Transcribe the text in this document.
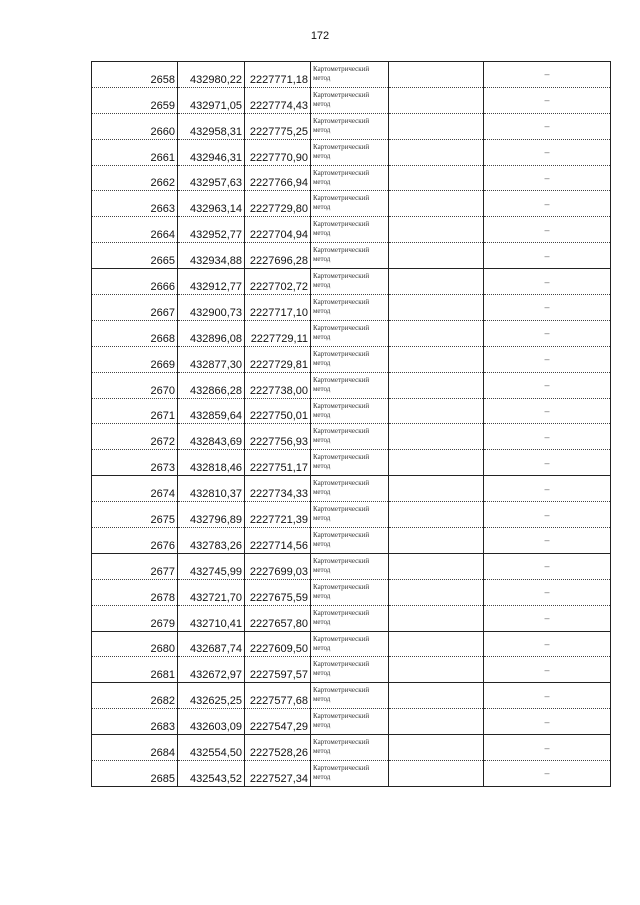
172
2658	432980,22	2227771,18	Картометрический метод		–
2659	432971,05	2227774,43	Картометрический метод		–
2660	432958,31	2227775,25	Картометрический метод		–
2661	432946,31	2227770,90	Картометрический метод		–
2662	432957,63	2227766,94	Картометрический метод		–
2663	432963,14	2227729,80	Картометрический метод		–
2664	432952,77	2227704,94	Картометрический метод		–
2665	432934,88	2227696,28	Картометрический метод		–
2666	432912,77	2227702,72	Картометрический метод		–
2667	432900,73	2227717,10	Картометрический метод		–
2668	432896,08	2227729,11	Картометрический метод		–
2669	432877,30	2227729,81	Картометрический метод		–
2670	432866,28	2227738,00	Картометрический метод		–
2671	432859,64	2227750,01	Картометрический метод		–
2672	432843,69	2227756,93	Картометрический метод		–
2673	432818,46	2227751,17	Картометрический метод		–
2674	432810,37	2227734,33	Картометрический метод		–
2675	432796,89	2227721,39	Картометрический метод		–
2676	432783,26	2227714,56	Картометрический метод		–
2677	432745,99	2227699,03	Картометрический метод		–
2678	432721,70	2227675,59	Картометрический метод		–
2679	432710,41	2227657,80	Картометрический метод		–
2680	432687,74	2227609,50	Картометрический метод		–
2681	432672,97	2227597,57	Картометрический метод		–
2682	432625,25	2227577,68	Картометрический метод		–
2683	432603,09	2227547,29	Картометрический метод		–
2684	432554,50	2227528,26	Картометрический метод		–
2685	432543,52	2227527,34	Картометрический метод		–
